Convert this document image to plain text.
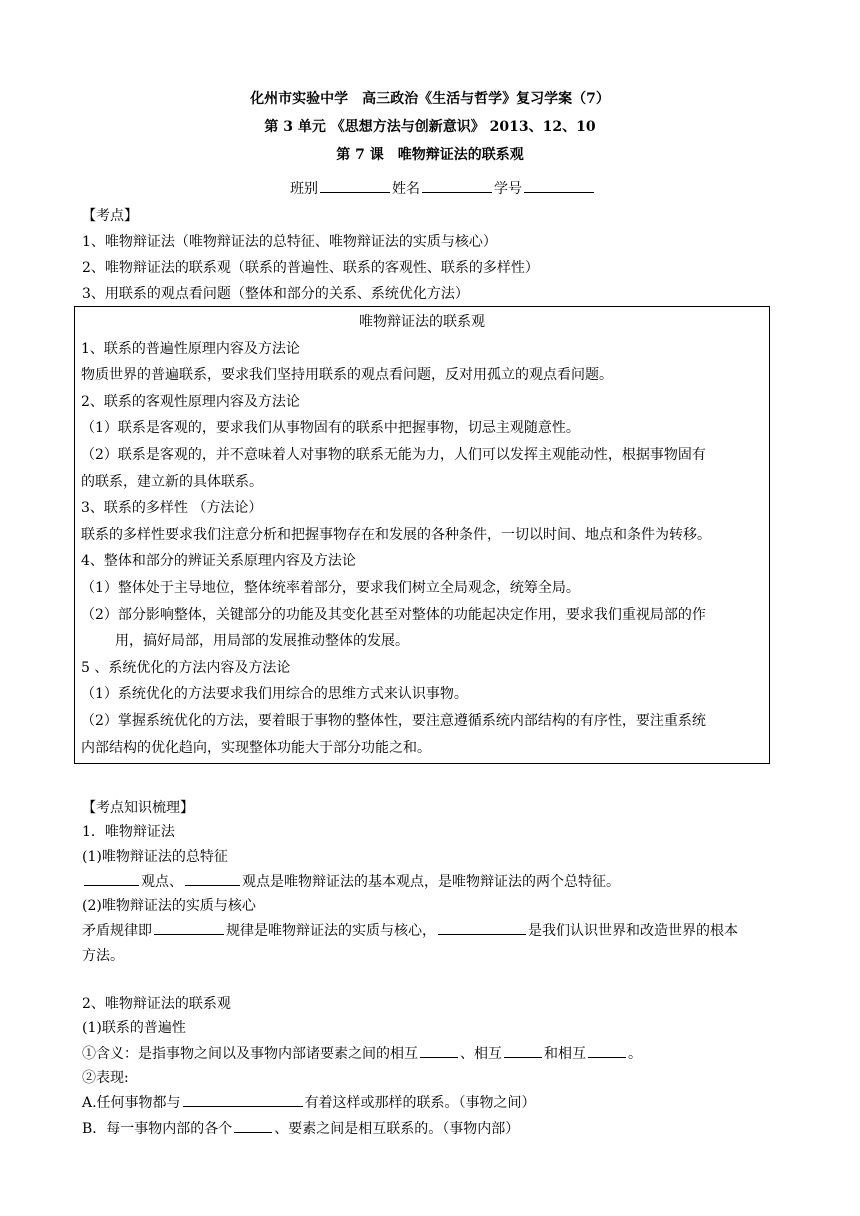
化州市实验中学　高三政治《生活与哲学》复习学案（7）
第 3 单元 《思想方法与创新意识》 2013、12、10
第 7 课　唯物辩证法的联系观
班别	姓名	学号

【考点】

1、唯物辩证法（唯物辩证法的总特征、唯物辩证法的实质与核心）

2、唯物辩证法的联系观（联系的普遍性、联系的客观性、联系的多样性）

3、用联系的观点看问题（整体和部分的关系、系统优化方法）

唯物辩证法的联系观

1、联系的普遍性原理内容及方法论

物质世界的普遍联系，要求我们坚持用联系的观点看问题，反对用孤立的观点看问题。

2、联系的客观性原理内容及方法论

（1）联系是客观的，要求我们从事物固有的联系中把握事物，切忌主观随意性。

（2）联系是客观的，并不意味着人对事物的联系无能为力，人们可以发挥主观能动性，根据事物固有

的联系，建立新的具体联系。

3、联系的多样性 （方法论）

联系的多样性要求我们注意分析和把握事物存在和发展的各种条件，一切以时间、地点和条件为转移。

4、整体和部分的辨证关系原理内容及方法论

（1）整体处于主导地位，整体统率着部分，要求我们树立全局观念，统筹全局。

（2）部分影响整体，关键部分的功能及其变化甚至对整体的功能起决定作用，要求我们重视局部的作

用，搞好局部，用局部的发展推动整体的发展。

5 、系统优化的方法内容及方法论

（1）系统优化的方法要求我们用综合的思维方式来认识事物。

（2）掌握系统优化的方法，要着眼于事物的整体性，要注意遵循系统内部结构的有序性，要注重系统

内部结构的优化趋向，实现整体功能大于部分功能之和。

【考点知识梳理】

1．唯物辩证法

(1)唯物辩证法的总特征

观点、	观点是唯物辩证法的基本观点，是唯物辩证法的两个总特征。

(2)唯物辩证法的实质与核心

矛盾规律即	规律是唯物辩证法的实质与核心，	是我们认识世界和改造世界的根本

方法。

2、唯物辩证法的联系观

(1)联系的普遍性

①含义：是指事物之间以及事物内部诸要素之间的相互	、相互	和相互	。

②表现:

A.任何事物都与	有着这样或那样的联系。（事物之间）

B．每一事物内部的各个	、要素之间是相互联系的。（事物内部）
